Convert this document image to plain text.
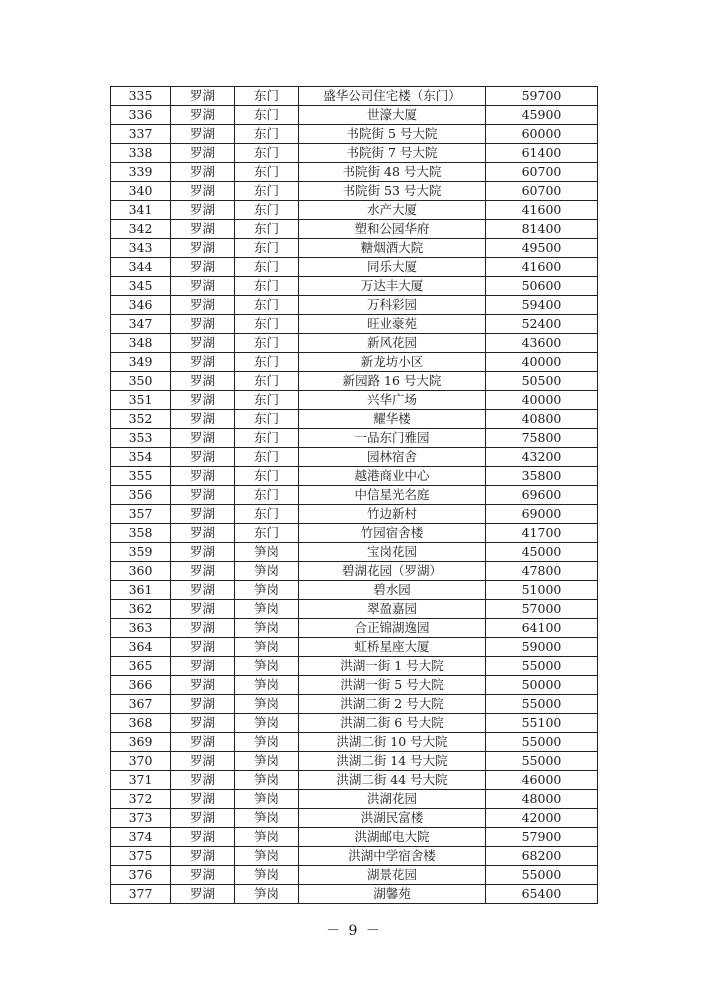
335	罗湖	东门	盛华公司住宅楼（东门）	59700
336	罗湖	东门	世濠大厦	45900
337	罗湖	东门	书院街 5 号大院	60000
338	罗湖	东门	书院街 7 号大院	61400
339	罗湖	东门	书院街 48 号大院	60700
340	罗湖	东门	书院街 53 号大院	60700
341	罗湖	东门	水产大厦	41600
342	罗湖	东门	塑和公园华府	81400
343	罗湖	东门	糖烟酒大院	49500
344	罗湖	东门	同乐大厦	41600
345	罗湖	东门	万达丰大厦	50600
346	罗湖	东门	万科彩园	59400
347	罗湖	东门	旺业豪苑	52400
348	罗湖	东门	新风花园	43600
349	罗湖	东门	新龙坊小区	40000
350	罗湖	东门	新园路 16 号大院	50500
351	罗湖	东门	兴华广场	40000
352	罗湖	东门	耀华楼	40800
353	罗湖	东门	一品东门雅园	75800
354	罗湖	东门	园林宿舍	43200
355	罗湖	东门	越港商业中心	35800
356	罗湖	东门	中信星光名庭	69600
357	罗湖	东门	竹边新村	69000
358	罗湖	东门	竹园宿舍楼	41700
359	罗湖	笋岗	宝岗花园	45000
360	罗湖	笋岗	碧湖花园（罗湖）	47800
361	罗湖	笋岗	碧水园	51000
362	罗湖	笋岗	翠盈嘉园	57000
363	罗湖	笋岗	合正锦湖逸园	64100
364	罗湖	笋岗	虹桥星座大厦	59000
365	罗湖	笋岗	洪湖一街 1 号大院	55000
366	罗湖	笋岗	洪湖一街 5 号大院	50000
367	罗湖	笋岗	洪湖二街 2 号大院	55000
368	罗湖	笋岗	洪湖二街 6 号大院	55100
369	罗湖	笋岗	洪湖二街 10 号大院	55000
370	罗湖	笋岗	洪湖二街 14 号大院	55000
371	罗湖	笋岗	洪湖二街 44 号大院	46000
372	罗湖	笋岗	洪湖花园	48000
373	罗湖	笋岗	洪湖民富楼	42000
374	罗湖	笋岗	洪湖邮电大院	57900
375	罗湖	笋岗	洪湖中学宿舍楼	68200
376	罗湖	笋岗	湖景花园	55000
377	罗湖	笋岗	湖馨苑	65400
－ 9 －
